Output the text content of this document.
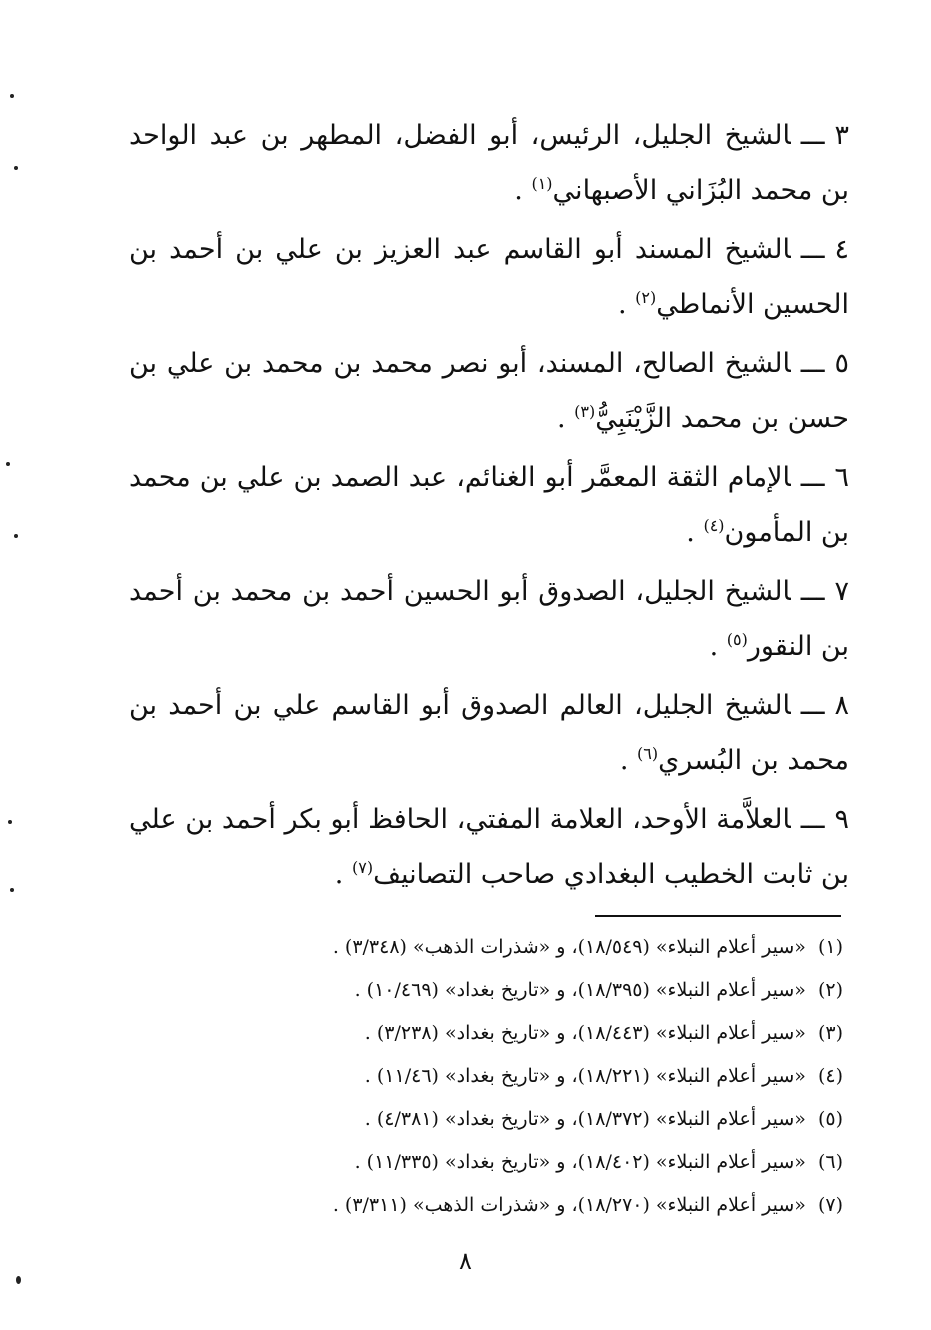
٣ـــالشيخ الجليل، الرئيس، أبو الفضل، المطهر بن عبد الواحد بن محمد البُزَاني الأصبهاني$^{(١)}$ .

٤ـــالشيخ المسند أبو القاسم عبد العزيز بن علي بن أحمد بن الحسين الأنماطي$^{(٢)}$ .

٥ـــالشيخ الصالح، المسند، أبو نصر محمد بن محمد بن علي بن حسن بن محمد الزَّيْنَبِيُّ$^{(٣)}$ .

٦ـــالإمام الثقة المعمَّر أبو الغنائم، عبد الصمد بن علي بن محمد بن المأمون$^{(٤)}$ .

٧ـــالشيخ الجليل، الصدوق أبو الحسين أحمد بن محمد بن أحمد بن النقور$^{(٥)}$ .

٨ـــالشيخ الجليل، العالم الصدوق أبو القاسم علي بن أحمد بن محمد بن البُسري$^{(٦)}$ .

٩ـــالعلاَّمة الأوحد، العلامة المفتي، الحافظ أبو بكر أحمد بن علي بن ثابت الخطيب البغدادي صاحب التصانيف$^{(٧)}$ .

(١)«سير أعلام النبلاء» (١٨/٥٤٩)، و «شذرات الذهب» (٣/٣٤٨) .
(٢)«سير أعلام النبلاء» (١٨/٣٩٥)، و «تاريخ بغداد» (١٠/٤٦٩) .
(٣)«سير أعلام النبلاء» (١٨/٤٤٣)، و «تاريخ بغداد» (٣/٢٣٨) .
(٤)«سير أعلام النبلاء» (١٨/٢٢١)، و «تاريخ بغداد» (١١/٤٦) .
(٥)«سير أعلام النبلاء» (١٨/٣٧٢)، و «تاريخ بغداد» (٤/٣٨١) .
(٦)«سير أعلام النبلاء» (١٨/٤٠٢)، و «تاريخ بغداد» (١١/٣٣٥) .
(٧)«سير أعلام النبلاء» (١٨/٢٧٠)، و «شذرات الذهب» (٣/٣١١) .
٨
